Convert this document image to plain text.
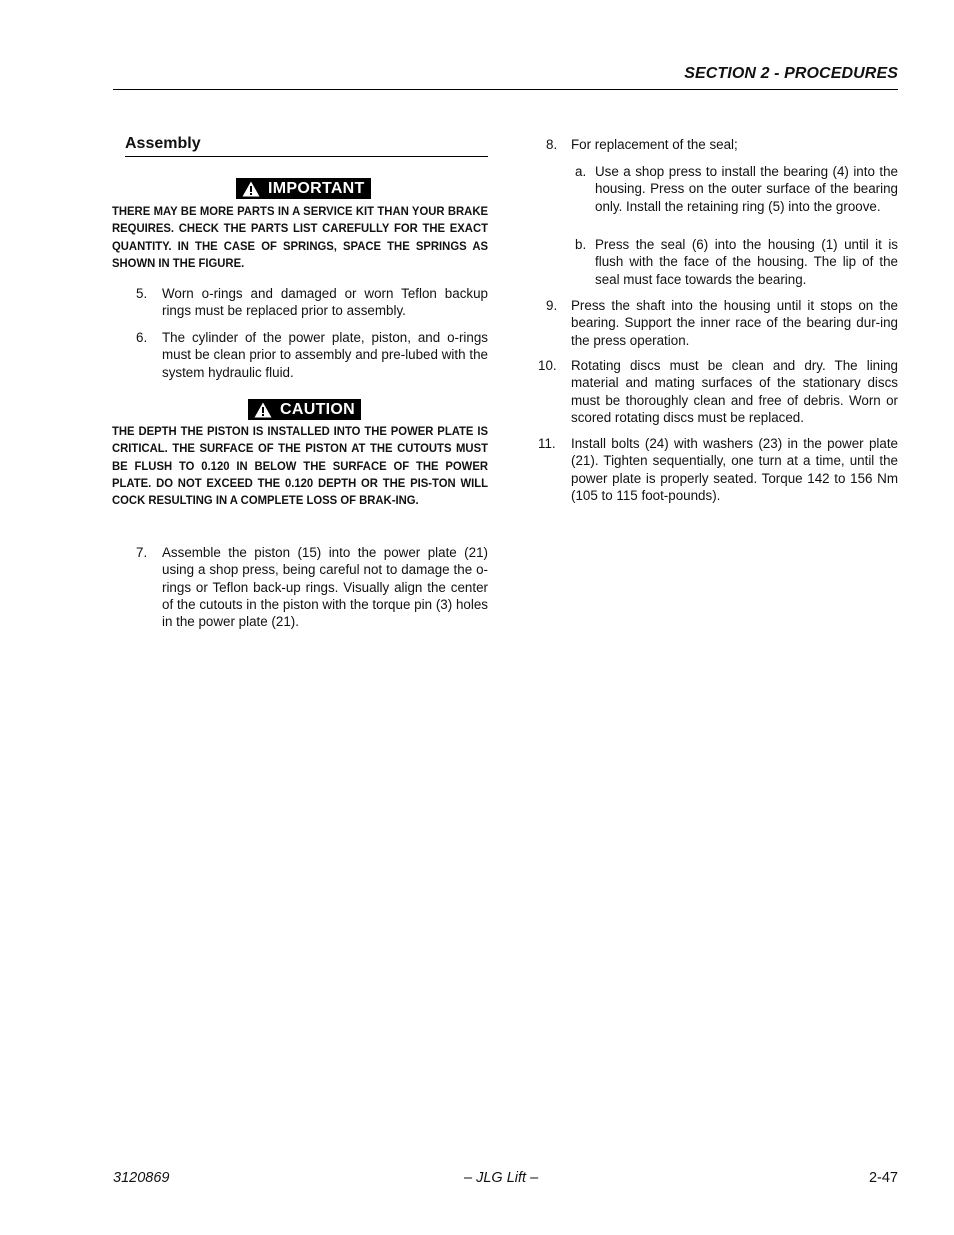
SECTION 2 - PROCEDURES
Assembly
IMPORTANT
THERE MAY BE MORE PARTS IN A SERVICE KIT THAN YOUR BRAKE REQUIRES. CHECK THE PARTS LIST CAREFULLY FOR THE EXACT QUANTITY. IN THE CASE OF SPRINGS, SPACE THE SPRINGS AS SHOWN IN THE FIGURE.
5. Worn o-rings and damaged or worn Teflon backup rings must be replaced prior to assembly.
6. The cylinder of the power plate, piston, and o-rings must be clean prior to assembly and pre-lubed with the system hydraulic fluid.
CAUTION
THE DEPTH THE PISTON IS INSTALLED INTO THE POWER PLATE IS CRITICAL. THE SURFACE OF THE PISTON AT THE CUTOUTS MUST BE FLUSH TO 0.120 IN BELOW THE SURFACE OF THE POWER PLATE. DO NOT EXCEED THE 0.120 DEPTH OR THE PIS-TON WILL COCK RESULTING IN A COMPLETE LOSS OF BRAK-ING.
7. Assemble the piston (15) into the power plate (21) using a shop press, being careful not to damage the o-rings or Teflon back-up rings. Visually align the center of the cutouts in the piston with the torque pin (3) holes in the power plate (21).
8. For replacement of the seal;
a. Use a shop press to install the bearing (4) into the housing. Press on the outer surface of the bearing only. Install the retaining ring (5) into the groove.
b. Press the seal (6) into the housing (1) until it is flush with the face of the housing. The lip of the seal must face towards the bearing.
9. Press the shaft into the housing until it stops on the bearing. Support the inner race of the bearing dur-ing the press operation.
10. Rotating discs must be clean and dry. The lining material and mating surfaces of the stationary discs must be thoroughly clean and free of debris. Worn or scored rotating discs must be replaced.
11. Install bolts (24) with washers (23) in the power plate (21). Tighten sequentially, one turn at a time, until the power plate is properly seated. Torque 142 to 156 Nm (105 to 115 foot-pounds).
3120869	– JLG Lift –	2-47
